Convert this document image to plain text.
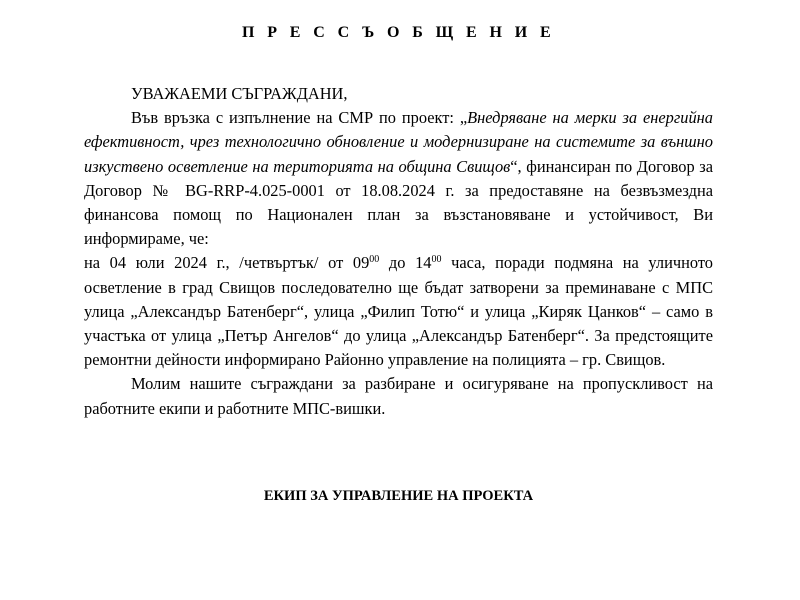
П Р Е С С Ъ О Б Щ Е Н И Е

УВАЖАЕМИ СЪГРАЖДАНИ,

Във връзка с изпълнение на СМР по проект: „Внедряване на мерки за енергийна ефективност, чрез технологично обновление и модернизиране на системите за външно изкуствено осветление на територията на община Свищов“, финансиран по Договор за Договор № BG-RRP-4.025-0001 от 18.08.2024 г. за предоставяне на безвъзмездна финансова помощ по Национален план за възстановяване и устойчивост, Ви информираме, че:

на 04 юли 2024 г., /четвъртък/ от $09^{00}$ до $14^{00}$ часа, поради подмяна на уличното осветление в град Свищов последователно ще бъдат затворени за преминаване с МПС улица „Александър Батенберг“, улица „Филип Тотю“ и улица „Киряк Цанков“ – само в участъка от улица „Петър Ангелов“ до улица „Александър Батенберг“. За предстоящите ремонтни дейности информирано Районно управление на полицията – гр. Свищов.

Молим нашите съграждани за разбиране и осигуряване на пропускливост на работните екипи и работните МПС-вишки.

ЕКИП ЗА УПРАВЛЕНИЕ НА ПРОЕКТА
